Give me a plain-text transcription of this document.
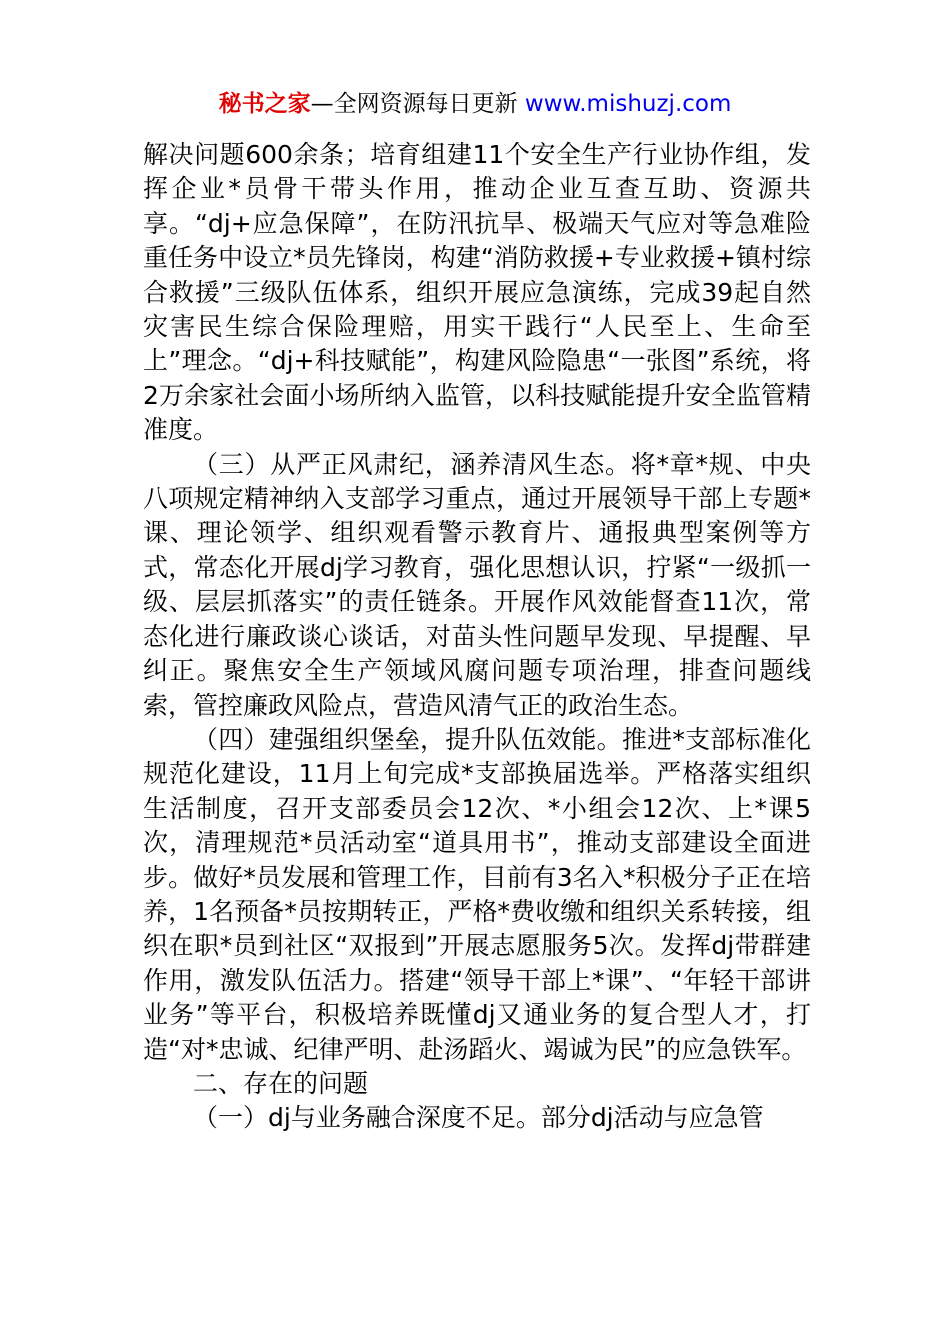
秘书之家—全网资源每日更新 www.mishuzj.com

解决问题600余条；培育组建11个安全生产行业协作组，发挥企业*员骨干带头作用，推动企业互查互助、资源共享。“dj+应急保障”，在防汛抗旱、极端天气应对等急难险重任务中设立*员先锋岗，构建“消防救援+专业救援+镇村综合救援”三级队伍体系，组织开展应急演练，完成39起自然灾害民生综合保险理赔，用实干践行“人民至上、生命至上”理念。“dj+科技赋能”，构建风险隐患“一张图”系统，将2万余家社会面小场所纳入监管，以科技赋能提升安全监管精准度。

（三）从严正风肃纪，涵养清风生态。将*章*规、中央八项规定精神纳入支部学习重点，通过开展领导干部上专题*课、理论领学、组织观看警示教育片、通报典型案例等方式，常态化开展dj学习教育，强化思想认识，拧紧“一级抓一级、层层抓落实”的责任链条。开展作风效能督查11次，常态化进行廉政谈心谈话，对苗头性问题早发现、早提醒、早纠正。聚焦安全生产领域风腐问题专项治理，排查问题线索，管控廉政风险点，营造风清气正的政治生态。

（四）建强组织堡垒，提升队伍效能。推进*支部标准化规范化建设，11月上旬完成*支部换届选举。严格落实组织生活制度，召开支部委员会12次、*小组会12次、上*课5次，清理规范*员活动室“道具用书”，推动支部建设全面进步。做好*员发展和管理工作，目前有3名入*积极分子正在培养，1名预备*员按期转正，严格*费收缴和组织关系转接，组织在职*员到社区“双报到”开展志愿服务5次。发挥dj带群建作用，激发队伍活力。搭建“领导干部上*课”、“年轻干部讲业务”等平台，积极培养既懂dj又通业务的复合型人才，打造“对*忠诚、纪律严明、赴汤蹈火、竭诚为民”的应急铁军。

二、存在的问题

（一）dj与业务融合深度不足。部分dj活动与应急管
